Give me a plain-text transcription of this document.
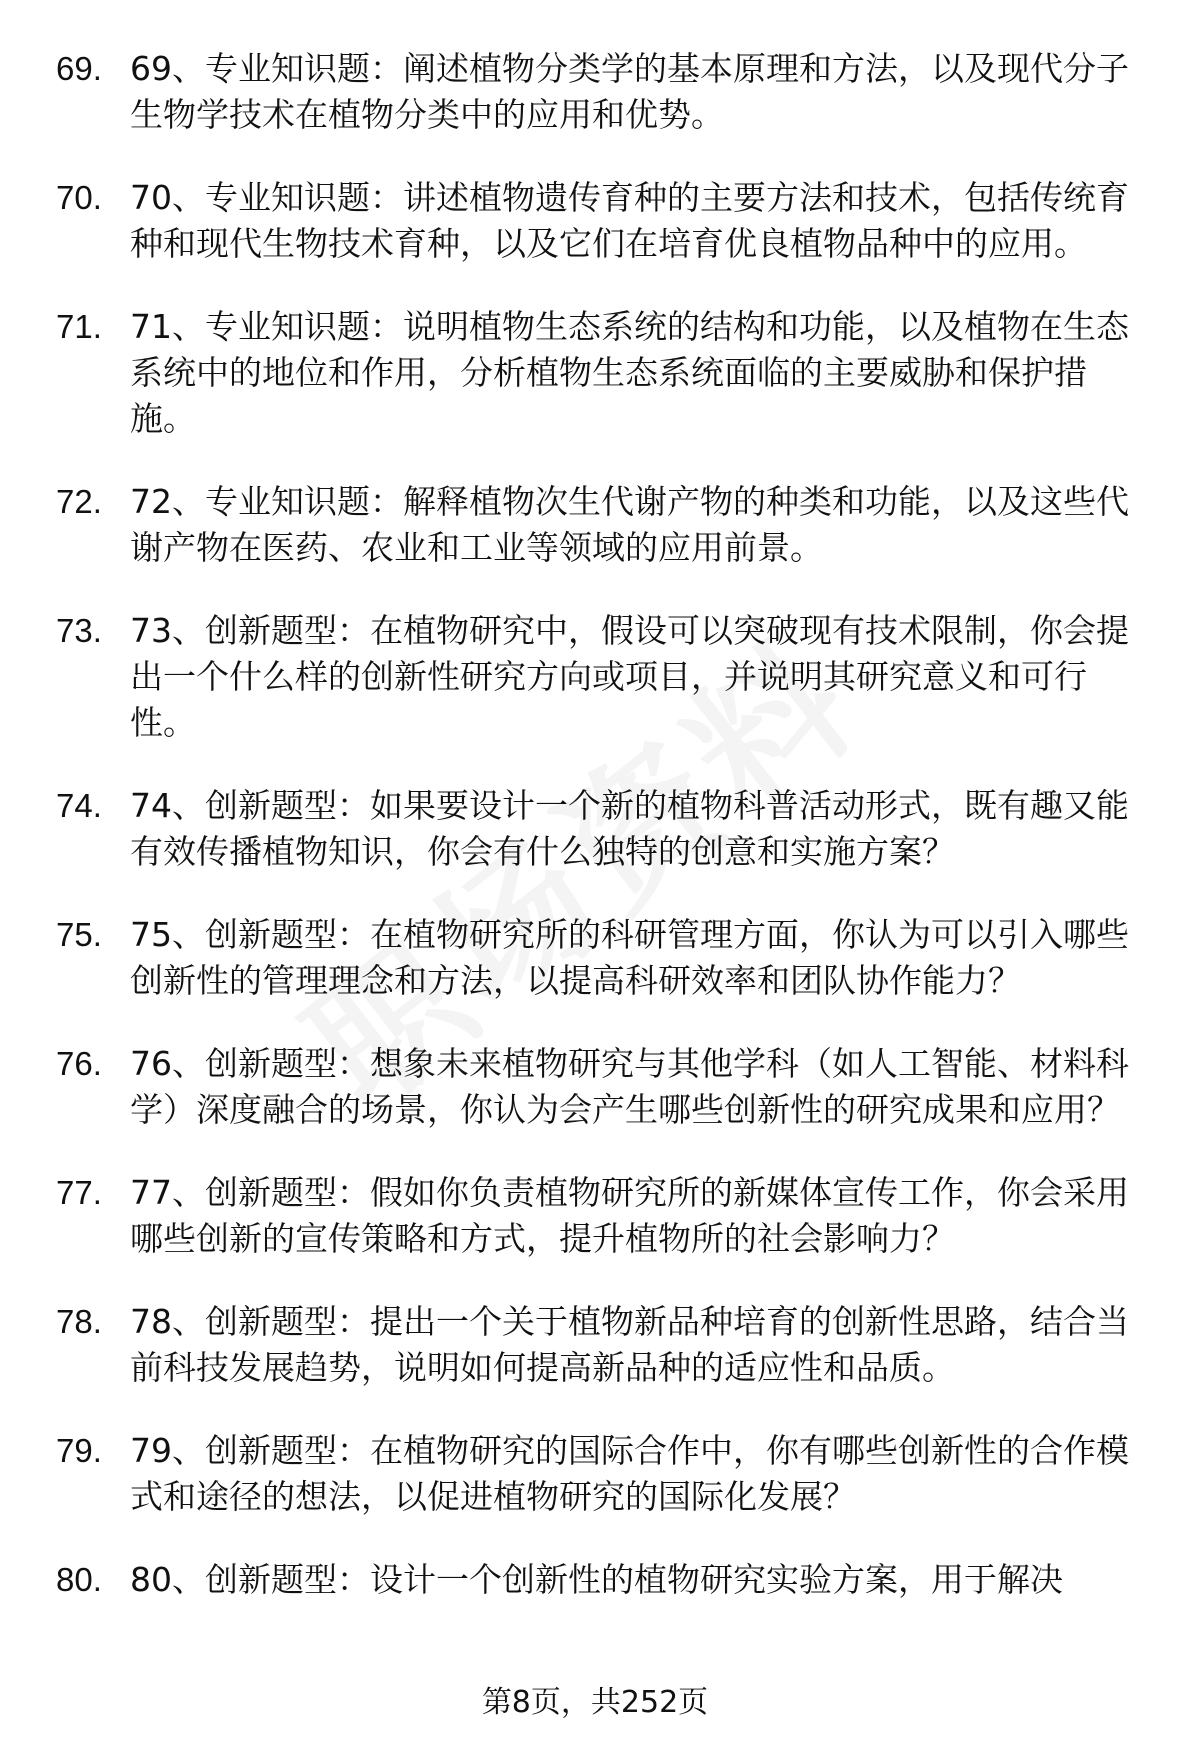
69. 69、专业知识题：阐述植物分类学的基本原理和方法，以及现代分子生物学技术在植物分类中的应用和优势。
70. 70、专业知识题：讲述植物遗传育种的主要方法和技术，包括传统育种和现代生物技术育种，以及它们在培育优良植物品种中的应用。
71. 71、专业知识题：说明植物生态系统的结构和功能，以及植物在生态系统中的地位和作用，分析植物生态系统面临的主要威胁和保护措施。
72. 72、专业知识题：解释植物次生代谢产物的种类和功能，以及这些代谢产物在医药、农业和工业等领域的应用前景。
73. 73、创新题型：在植物研究中，假设可以突破现有技术限制，你会提出一个什么样的创新性研究方向或项目，并说明其研究意义和可行性。
74. 74、创新题型：如果要设计一个新的植物科普活动形式，既有趣又能有效传播植物知识，你会有什么独特的创意和实施方案？
75. 75、创新题型：在植物研究所的科研管理方面，你认为可以引入哪些创新性的管理理念和方法，以提高科研效率和团队协作能力？
76. 76、创新题型：想象未来植物研究与其他学科（如人工智能、材料科学）深度融合的场景，你认为会产生哪些创新性的研究成果和应用？
77. 77、创新题型：假如你负责植物研究所的新媒体宣传工作，你会采用哪些创新的宣传策略和方式，提升植物所的社会影响力？
78. 78、创新题型：提出一个关于植物新品种培育的创新性思路，结合当前科技发展趋势，说明如何提高新品种的适应性和品质。
79. 79、创新题型：在植物研究的国际合作中，你有哪些创新性的合作模式和途径的想法，以促进植物研究的国际化发展？
80. 80、创新题型：设计一个创新性的植物研究实验方案，用于解决
第8页，共252页
